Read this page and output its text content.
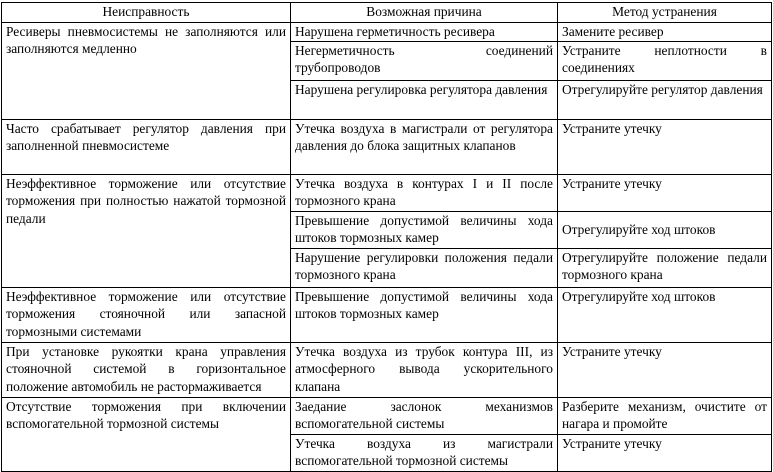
Неисправность	Возможная причина	Метод устранения
Ресиверы пневмосистемы не заполняются или заполняются медленно	Нарушена герметичность ресивера	Замените ресивер
	Негерметичность соединений трубопроводов	Устраните неплотности в соединениях
	Нарушена регулировка регулятора давления	Отрегулируйте регулятор давления
Часто срабатывает регулятор давления при заполненной пневмосистеме	Утечка воздуха в магистрали от регулятора давления до блока защитных клапанов	Устраните утечку
Неэффективное торможение или отсутствие торможения при полностью нажатой тормозной педали	Утечка воздуха в контурах I и II после тормозного крана	Устраните утечку
	Превышение допустимой величины хода штоков тормозных камер	Отрегулируйте ход штоков
	Нарушение регулировки положения педали тормозного крана	Отрегулируйте положение педали тормозного крана
Неэффективное торможение или отсутствие торможения стояночной или запасной тормозными системами	Превышение допустимой величины хода штоков тормозных камер	Отрегулируйте ход штоков
При установке рукоятки крана управления стояночной системой в горизонтальное положение автомобиль не растормаживается	Утечка воздуха из трубок контура III, из атмосферного вывода ускорительного клапана	Устраните утечку
Отсутствие торможения при включении вспомогательной тормозной системы	Заедание заслонок механизмов вспомогательной системы	Разберите механизм, очистите от нагара и промойте
	Утечка воздуха из магистрали вспомогательной тормозной системы	Устраните утечку
